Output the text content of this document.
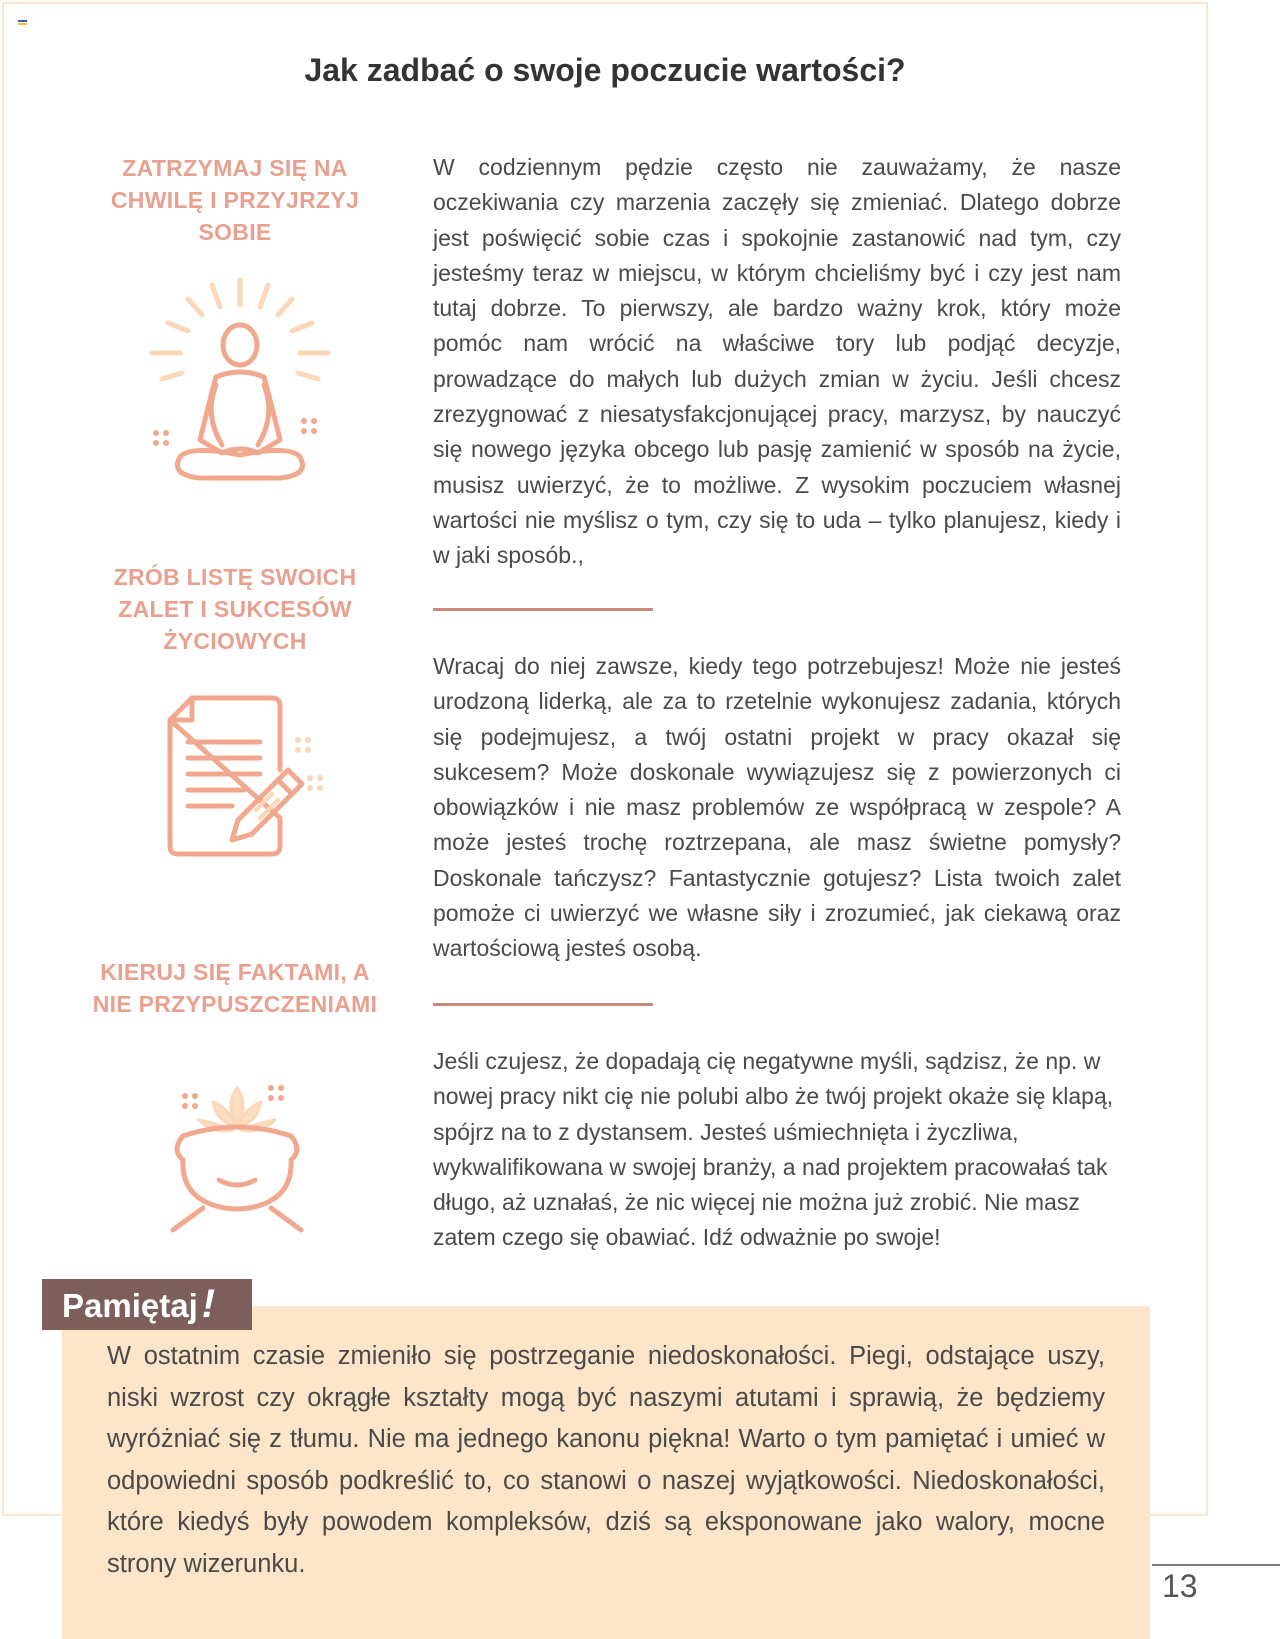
Jak zadbać o swoje poczucie wartości?
ZATRZYMAJ SIĘ NA CHWILĘ I PRZYJRZYJ SOBIE
W codziennym pędzie często nie zauważamy, że nasze oczekiwania czy marzenia zaczęły się zmieniać. Dlatego dobrze jest poświęcić sobie czas i spokojnie zastanowić nad tym, czy jesteśmy teraz w miejscu, w którym chcieliśmy być i czy jest nam tutaj dobrze. To pierwszy, ale bardzo ważny krok, który może pomóc nam wrócić na właściwe tory lub podjąć decyzje, prowadzące do małych lub dużych zmian w życiu. Jeśli chcesz zrezygnować z niesatysfakcjonującej pracy, marzysz, by nauczyć się nowego języka obcego lub pasję zamienić w sposób na życie, musisz uwierzyć, że to możliwe. Z wysokim poczuciem własnej wartości nie myślisz o tym, czy się to uda – tylko planujesz, kiedy i w jaki sposób.,
ZRÓB LISTĘ SWOICH ZALET I SUKCESÓW ŻYCIOWYCH
Wracaj do niej zawsze, kiedy tego potrzebujesz! Może nie jesteś urodzoną liderką, ale za to rzetelnie wykonujesz zadania, których się podejmujesz, a twój ostatni projekt w pracy okazał się sukcesem? Może doskonale wywiązujesz się z powierzonych ci obowiązków i nie masz problemów ze współpracą w zespole? A może jesteś trochę roztrzepana, ale masz świetne pomysły? Doskonale tańczysz? Fantastycznie gotujesz? Lista twoich zalet pomoże ci uwierzyć we własne siły i zrozumieć, jak ciekawą oraz wartościową jesteś osobą.
KIERUJ SIĘ FAKTAMI, A NIE PRZYPUSZCZENIAMI
Jeśli czujesz, że dopadają cię negatywne myśli, sądzisz, że np. w nowej pracy nikt cię nie polubi albo że twój projekt okaże się klapą, spójrz na to z dystansem. Jesteś uśmiechnięta i życzliwa, wykwalifikowana w swojej branży, a nad projektem pracowałaś tak długo, aż uznałaś, że nic więcej nie można już zrobić. Nie masz zatem czego się obawiać. Idź odważnie po swoje!
W ostatnim czasie zmieniło się postrzeganie niedoskonałości. Piegi, odstające uszy, niski wzrost czy okrągłe kształty mogą być naszymi atutami i sprawią, że będziemy wyróżniać się z tłumu. Nie ma jednego kanonu piękna! Warto o tym pamiętać i umieć w odpowiedni sposób podkreślić to, co stanowi o naszej wyjątkowości. Niedoskonałości, które kiedyś były powodem kompleksów, dziś są eksponowane jako walory, mocne strony wizerunku.
Pamiętaj !
13
